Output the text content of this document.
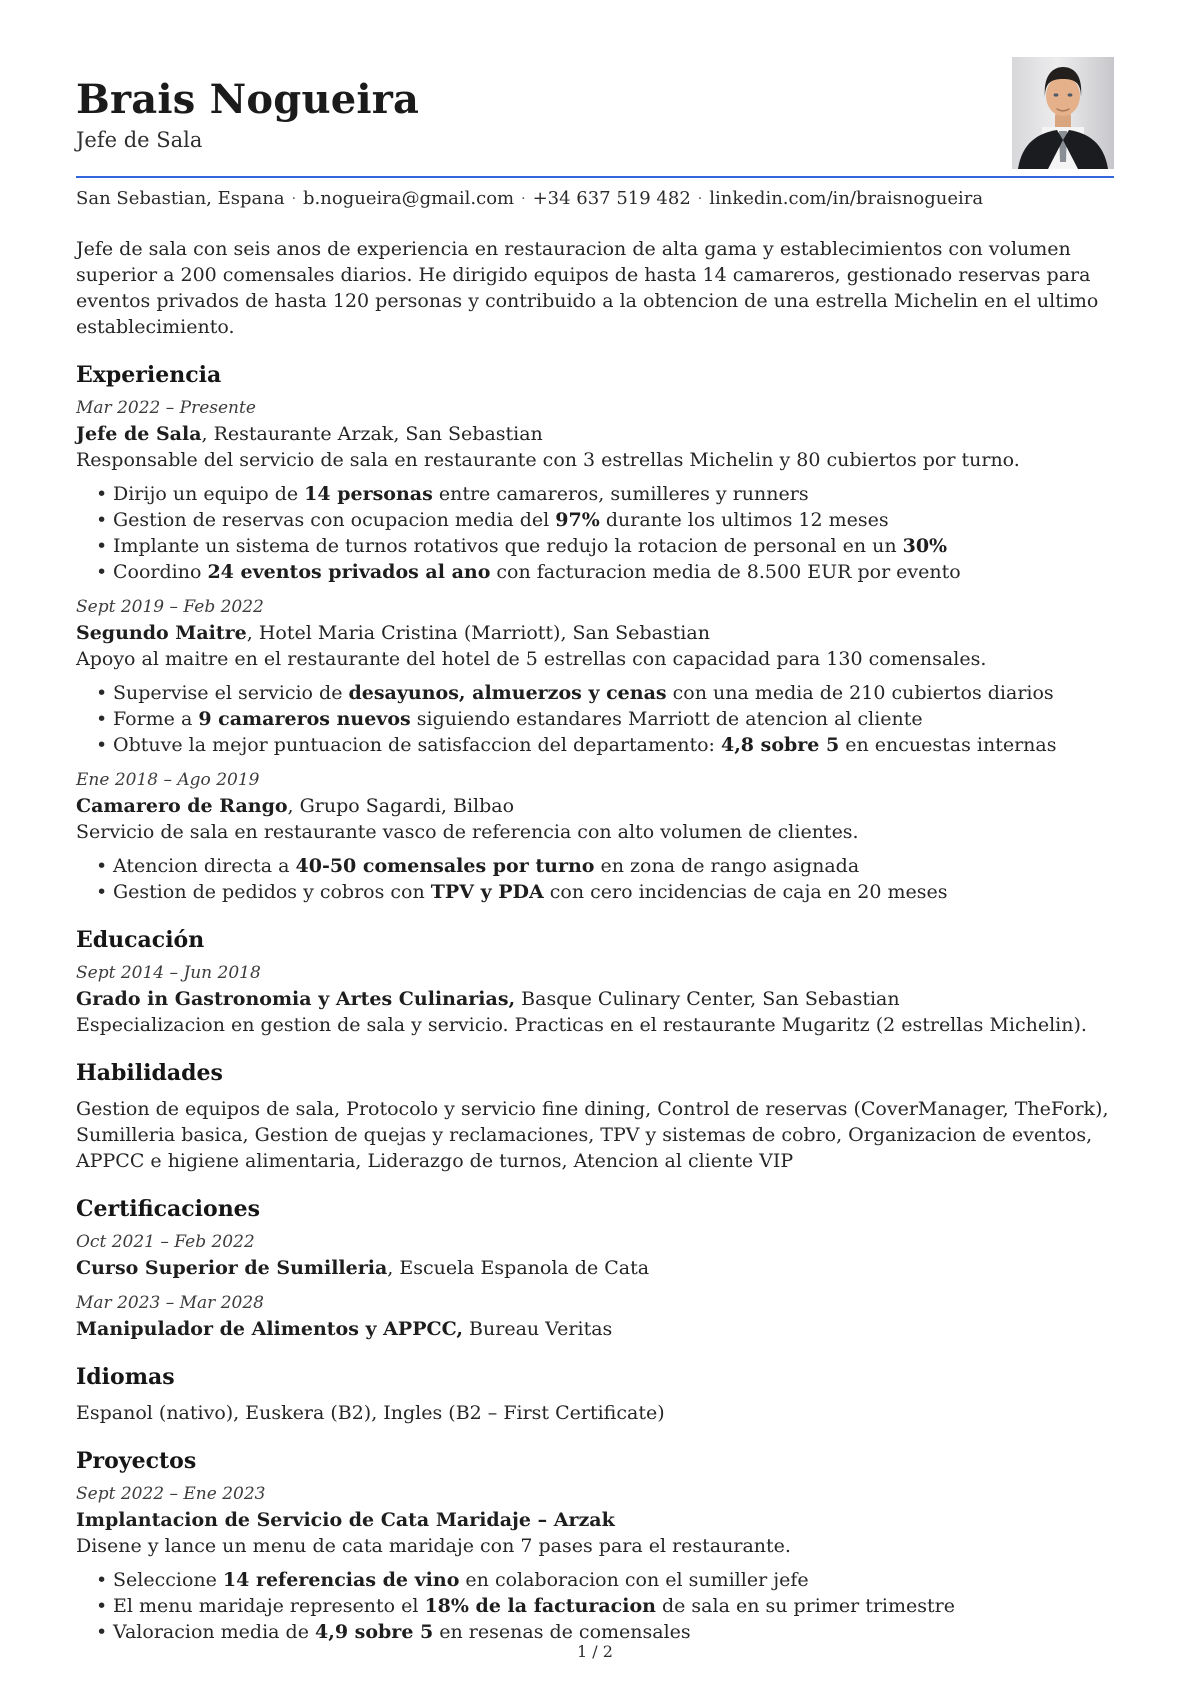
Brais Nogueira
Jefe de Sala
San Sebastian, Espana · b.nogueira@gmail.com · +34 637 519 482 · linkedin.com/in/braisnogueira

Jefe de sala con seis anos de experiencia en restauracion de alta gama y establecimientos con volumen superior a 200 comensales diarios. He dirigido equipos de hasta 14 camareros, gestionado reservas para eventos privados de hasta 120 personas y contribuido a la obtencion de una estrella Michelin en el ultimo establecimiento.

Experiencia
Mar 2022 – Presente
Jefe de Sala, Restaurante Arzak, San Sebastian

Responsable del servicio de sala en restaurante con 3 estrellas Michelin y 80 cubiertos por turno.

• Dirijo un equipo de 14 personas entre camareros, sumilleres y runners
• Gestion de reservas con ocupacion media del 97% durante los ultimos 12 meses
• Implante un sistema de turnos rotativos que redujo la rotacion de personal en un 30%
• Coordino 24 eventos privados al ano con facturacion media de 8.500 EUR por evento
Sept 2019 – Feb 2022
Segundo Maitre, Hotel Maria Cristina (Marriott), San Sebastian

Apoyo al maitre en el restaurante del hotel de 5 estrellas con capacidad para 130 comensales.

• Supervise el servicio de desayunos, almuerzos y cenas con una media de 210 cubiertos diarios
• Forme a 9 camareros nuevos siguiendo estandares Marriott de atencion al cliente
• Obtuve la mejor puntuacion de satisfaccion del departamento: 4,8 sobre 5 en encuestas internas
Ene 2018 – Ago 2019
Camarero de Rango, Grupo Sagardi, Bilbao

Servicio de sala en restaurante vasco de referencia con alto volumen de clientes.

• Atencion directa a 40-50 comensales por turno en zona de rango asignada
• Gestion de pedidos y cobros con TPV y PDA con cero incidencias de caja en 20 meses
Educación
Sept 2014 – Jun 2018
Grado in Gastronomia y Artes Culinarias, Basque Culinary Center, San Sebastian

Especializacion en gestion de sala y servicio. Practicas en el restaurante Mugaritz (2 estrellas Michelin).

Habilidades

Gestion de equipos de sala, Protocolo y servicio fine dining, Control de reservas (CoverManager, TheFork), Sumilleria basica, Gestion de quejas y reclamaciones, TPV y sistemas de cobro, Organizacion de eventos, APPCC e higiene alimentaria, Liderazgo de turnos, Atencion al cliente VIP

Certificaciones
Oct 2021 – Feb 2022
Curso Superior de Sumilleria, Escuela Espanola de Cata
Mar 2023 – Mar 2028
Manipulador de Alimentos y APPCC, Bureau Veritas
Idiomas

Espanol (nativo), Euskera (B2), Ingles (B2 – First Certificate)

Proyectos
Sept 2022 – Ene 2023
Implantacion de Servicio de Cata Maridaje – Arzak

Disene y lance un menu de cata maridaje con 7 pases para el restaurante.

• Seleccione 14 referencias de vino en colaboracion con el sumiller jefe
• El menu maridaje represento el 18% de la facturacion de sala en su primer trimestre
• Valoracion media de 4,9 sobre 5 en resenas de comensales
1 / 2
